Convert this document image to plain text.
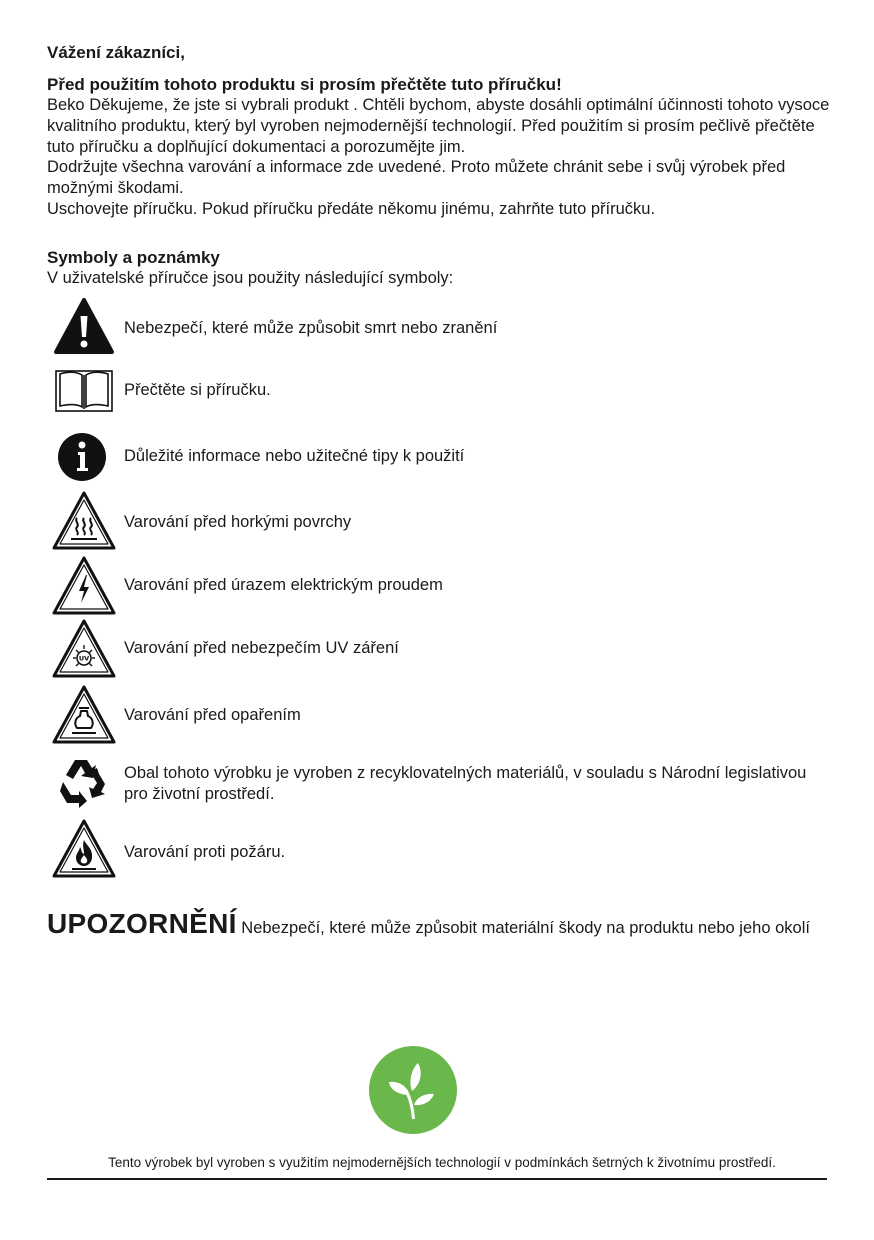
Vážení zákazníci,
Před použitím tohoto produktu si prosím přečtěte tuto příručku!

Beko Děkujeme, že jste si vybrali produkt . Chtěli bychom, abyste dosáhli optimální účinnosti tohoto vysoce kvalitního produktu, který byl vyroben nejmodernější technologií. Před použitím si prosím pečlivě přečtěte tuto příručku a doplňující dokumentaci a porozumějte jim.

Dodržujte všechna varování a informace zde uvedené. Proto můžete chránit sebe i svůj výrobek před možnými škodami.

Uschovejte příručku. Pokud příručku předáte někomu jinému, zahrňte tuto příručku.

Symboly a poznámky
V uživatelské příručce jsou použity následující symboly:
Nebezpečí, které může způsobit smrt nebo zranění
Přečtěte si příručku.
Důležité informace nebo užitečné tipy k použití
Varování před horkými povrchy
Varování před úrazem elektrickým proudem
UV
Varování před nebezpečím UV záření
Varování před opařením
Obal tohoto výrobku je vyroben z recyklovatelných materiálů, v souladu s Národní legislativou pro životní prostředí.
Varování proti požáru.
UPOZORNĚNÍ Nebezpečí, které může způsobit materiální škody na produktu nebo jeho okolí
Tento výrobek byl vyroben s využitím nejmodernějších technologií v podmínkách šetrných k životnímu prostředí.
